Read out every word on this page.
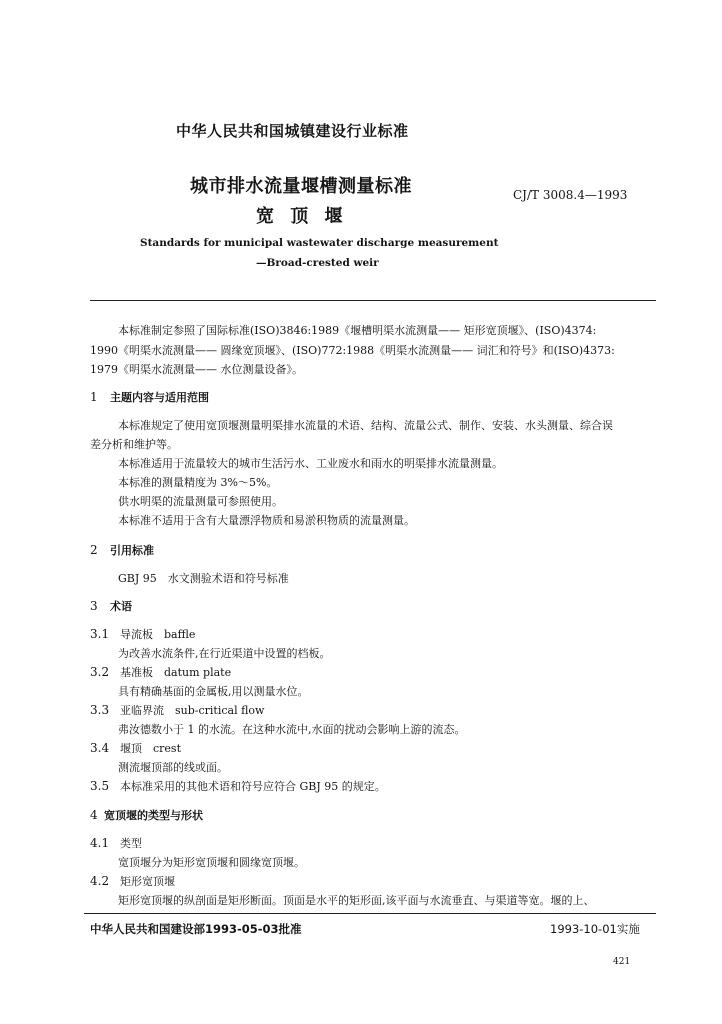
中华人民共和国城镇建设行业标准
城市排水流量堰槽测量标准	CJ/T 3008.4—1993
宽 顶 堰
Standards for municipal wastewater discharge measurement
—Broad-crested weir
本标准制定参照了国际标准(ISO)3846:1989《堰槽明渠水流测量—— 矩形宽顶堰》、(ISO)4374:
1990《明渠水流测量—— 圆缘宽顶堰》、(ISO)772:1988《明渠水流测量—— 词汇和符号》和(ISO)4373:
1979《明渠水流测量—— 水位测量设备》。
1 主题内容与适用范围
本标准规定了使用宽顶堰测量明渠排水流量的术语、结构、流量公式、制作、安装、水头测量、综合误
差分析和维护等。
本标准适用于流量较大的城市生活污水、工业废水和雨水的明渠排水流量测量。
本标准的测量精度为 3%～5%。
供水明渠的流量测量可参照使用。
本标准不适用于含有大量漂浮物质和易淤积物质的流量测量。
2 引用标准
GBJ 95　水文测验术语和符号标准
3 术语
3.1 导流板　baffle
为改善水流条件,在行近渠道中设置的档板。
3.2 基准板　datum plate
具有精确基面的金属板,用以测量水位。
3.3 亚临界流　sub-critical flow
弗汝德数小于 1 的水流。在这种水流中,水面的扰动会影响上游的流态。
3.4 堰顶　crest
测流堰顶部的线或面。
3.5 本标准采用的其他术语和符号应符合 GBJ 95 的规定。
4 宽顶堰的类型与形状
4.1 类型
宽顶堰分为矩形宽顶堰和圆缘宽顶堰。
4.2 矩形宽顶堰
矩形宽顶堰的纵剖面是矩形断面。顶面是水平的矩形面,该平面与水流垂直、与渠道等宽。堰的上、
中华人民共和国建设部1993-05-03批准	1993-10-01实施
421
